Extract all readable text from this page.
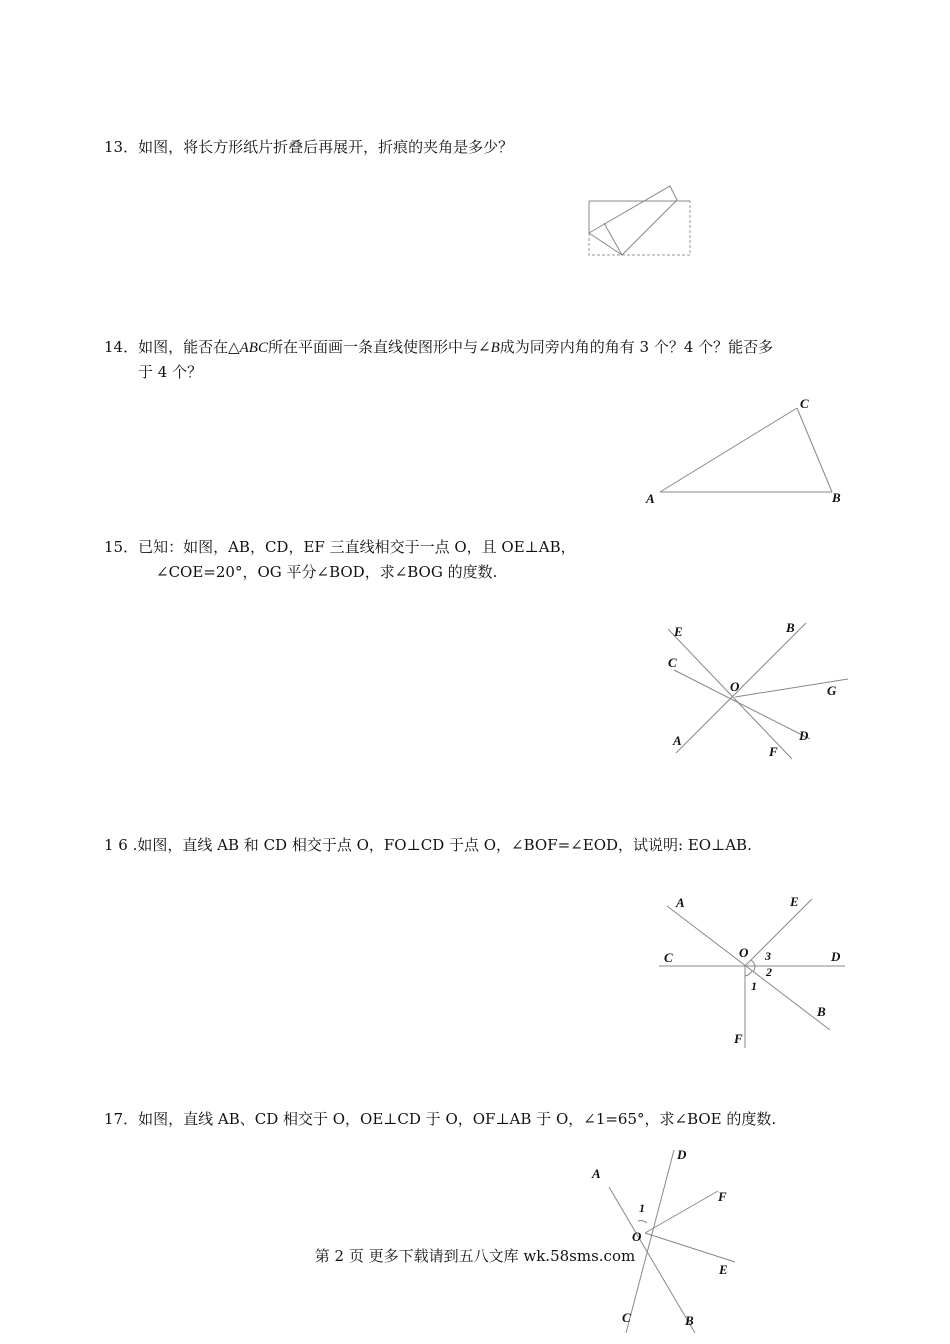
13．如图，将长方形纸片折叠后再展开，折痕的夹角是多少？
14．如图，能否在△ABC所在平面画一条直线使图形中与∠B成为同旁内角的角有 3 个？4 个？能否多
于 4 个？
C
A	B
15．已知：如图，AB，CD，EF 三直线相交于一点 O，且 OE⊥AB，
∠COE=20°，OG 平分∠BOD，求∠BOG 的度数.
E	B
C
O	G
A	D
F
1 6 .如图，直线 AB 和 CD 相交于点 O，FO⊥CD 于点 O，∠BOF=∠EOD，试说明: EO⊥AB.
A	E
C	O 3	D
2
1
B
F
17．如图，直线 AB、CD 相交于 O，OE⊥CD 于 O，OF⊥AB 于 O，∠1=65°，求∠BOE 的度数.
D
A
F
1
O
E
C	B
第 2 页 更多下载请到五八文库 wk.58sms.com
